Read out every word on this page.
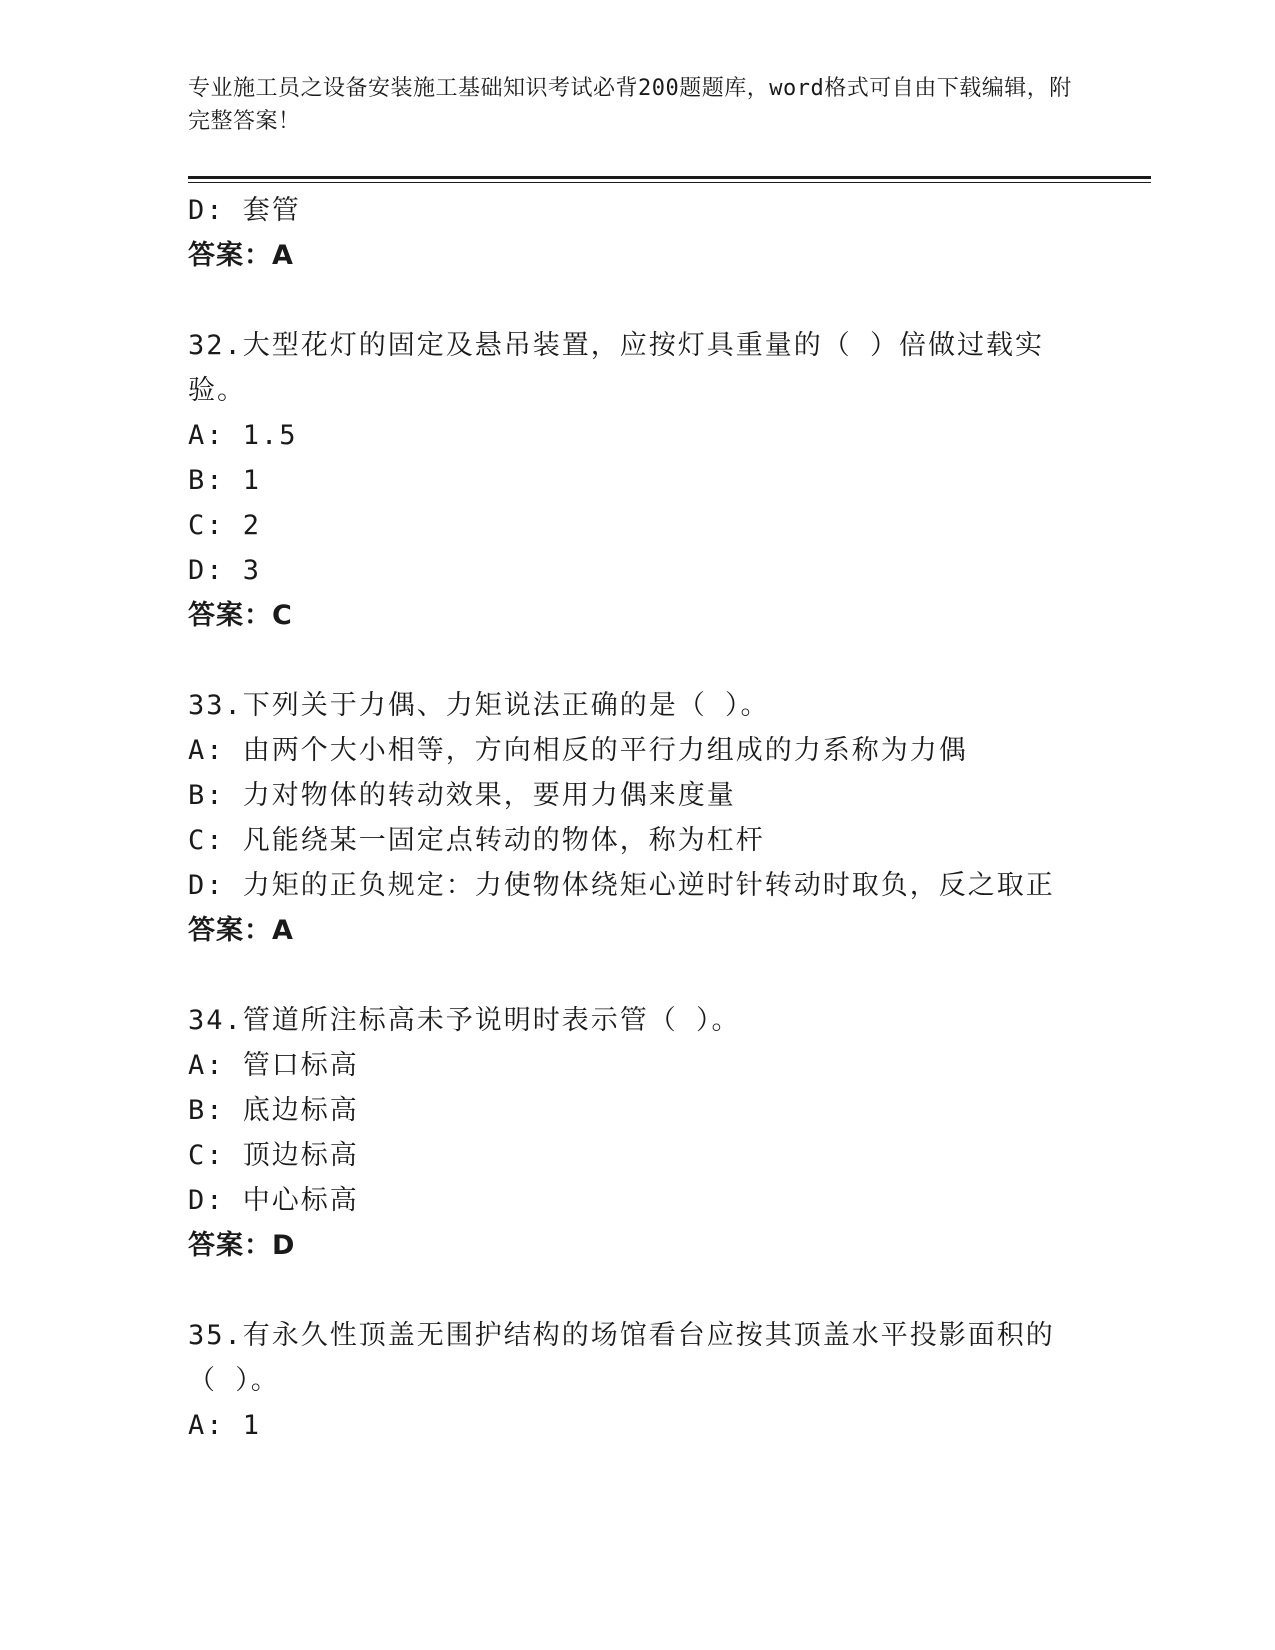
专业施工员之设备安装施工基础知识考试必背200题题库，word格式可自由下载编辑，附完整答案！
D: 套管
答案：A
32.大型花灯的固定及悬吊装置，应按灯具重量的（ ）倍做过载实验。
A: 1.5
B: 1
C: 2
D: 3
答案：C
33.下列关于力偶、力矩说法正确的是（ ）。
A: 由两个大小相等，方向相反的平行力组成的力系称为力偶
B: 力对物体的转动效果，要用力偶来度量
C: 凡能绕某一固定点转动的物体，称为杠杆
D: 力矩的正负规定：力使物体绕矩心逆时针转动时取负，反之取正
答案：A
34.管道所注标高未予说明时表示管（ ）。
A: 管口标高
B: 底边标高
C: 顶边标高
D: 中心标高
答案：D
35.有永久性顶盖无围护结构的场馆看台应按其顶盖水平投影面积的（ ）。
A: 1
